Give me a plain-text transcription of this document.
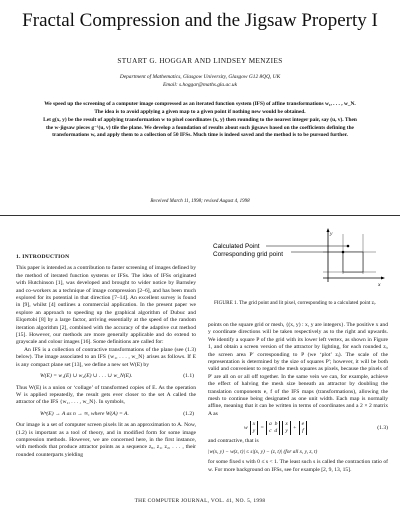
Fractal Compression and the Jigsaw Property I
STUART G. HOGGAR AND LINDSEY MENZIES
Department of Mathematics, Glasgow University, Glasgow G12 8QQ, UK
Email: s.hoggar@maths.gla.ac.uk

We speed up the screening of a computer image compressed as an iterated function system (IFS) of affine transformations w₁, . . . , w_N. The idea is to avoid applying a given map to a given point if nothing new would be obtained.

Let g(x, y) be the result of applying transformation w to pixel coordinates (x, y) then rounding to the nearest integer pair, say (u, v). Then the w-jigsaw pieces g⁻¹(u, v) tile the plane. We develop a foundation of results about such jigsaws based on the coefficients defining the transformations w, and apply them to a collection of 50 IFSs. Much time is indeed saved and the method is to be pursued further.

Received March 11, 1998; revised August 4, 1998
1. INTRODUCTION

This paper is intended as a contribution to faster screening of images defined by the method of iterated function systems or IFSs. The idea of IFSs originated with Hutchinson [1], was developed and brought to wider notice by Barnsley and co-workers as a technique of image compression [2–6], and has been much explored for its potential in that direction [7–14]. An excellent survey is found in [9], whilst [4] outlines a commercial application. In the present paper we explore an approach to speeding up the graphical algorithm of Dubuc and Elqortobi [8] by a large factor, arriving essentially at the speed of the random iteration algorithm [2], combined with the accuracy of the adaptive cut method [15]. However, our methods are more generally applicable and do extend to grayscale and colour images [16]. Some definitions are called for:

An IFS is a collection of contractive transformations of the plane (see (1.3) below). The image associated to an IFS {w₁, . . . , w_N} arises as follows. If E is any compact plane set [13], we define a new set W(E) by

W(E) = w₁(E) ∪ w₂(E) ∪ . . . ∪ w_N(E).	(1.1)

Thus W(E) is a union or ‘collage’ of transformed copies of E. As the operation W is applied repeatedly, the result gets ever closer to the set A called the attractor of the IFS {w₁, . . . , w_N}. In symbols,

Wⁿ(E) → A as n → ∞, where W(A) = A.	(1.2)

Our image is a set of computer screen pixels lit as an approximation to A. Now, (1.2) is important as a tool of theory, and in modified form for some image compression methods. However, we are concerned here, in the first instance, with methods that produce attractor points as a sequence z₀, z₁, z₂, . . . , their rounded counterparts yielding

Calculated Point
Corresponding grid point
y
x
FIGURE 1. The grid point and lit pixel, corresponding to a calculated point zᵢ.

points on the square grid or mesh, {(x, y) : x, y are integers}. The positive x and y coordinate directions will be taken respectively as to the right and upwards. We identify a square P of the grid with its lower left vertex, as shown in Figure 1, and obtain a screen version of the attractor by lighting, for each rounded zᵢ, the screen area P′ corresponding to P (we ‘plot’ zᵢ). The scale of the representation is determined by the size of squares P′; however, it will be both valid and convenient to regard the mesh squares as pixels, because the pixels of P′ are all on or all off together. In the same vein we can, for example, achieve the effect of halving the mesh size beneath an attractor by doubling the translation components e, f of the IFS maps (transformations), allowing the mesh to continue being designated as one unit width. Each map is normally affine, meaning that it can be written in terms of coordinates and a 2 × 2 matrix A as

w
x
y
=
a  b
c  d
x
y
+
e
f
(1.3)

and contractive, that is

|w(x, y) − w(z, t)| ≤ s|(x, y) − (z, t)| (for all x, y, z, t)

for some fixed s with 0 ≤ s < 1. The least such s is called the contraction ratio of w. For more background on IFSs, see for example [2, 9, 13, 15].

THE COMPUTER JOURNAL, VOL. 41, NO. 5, 1998
